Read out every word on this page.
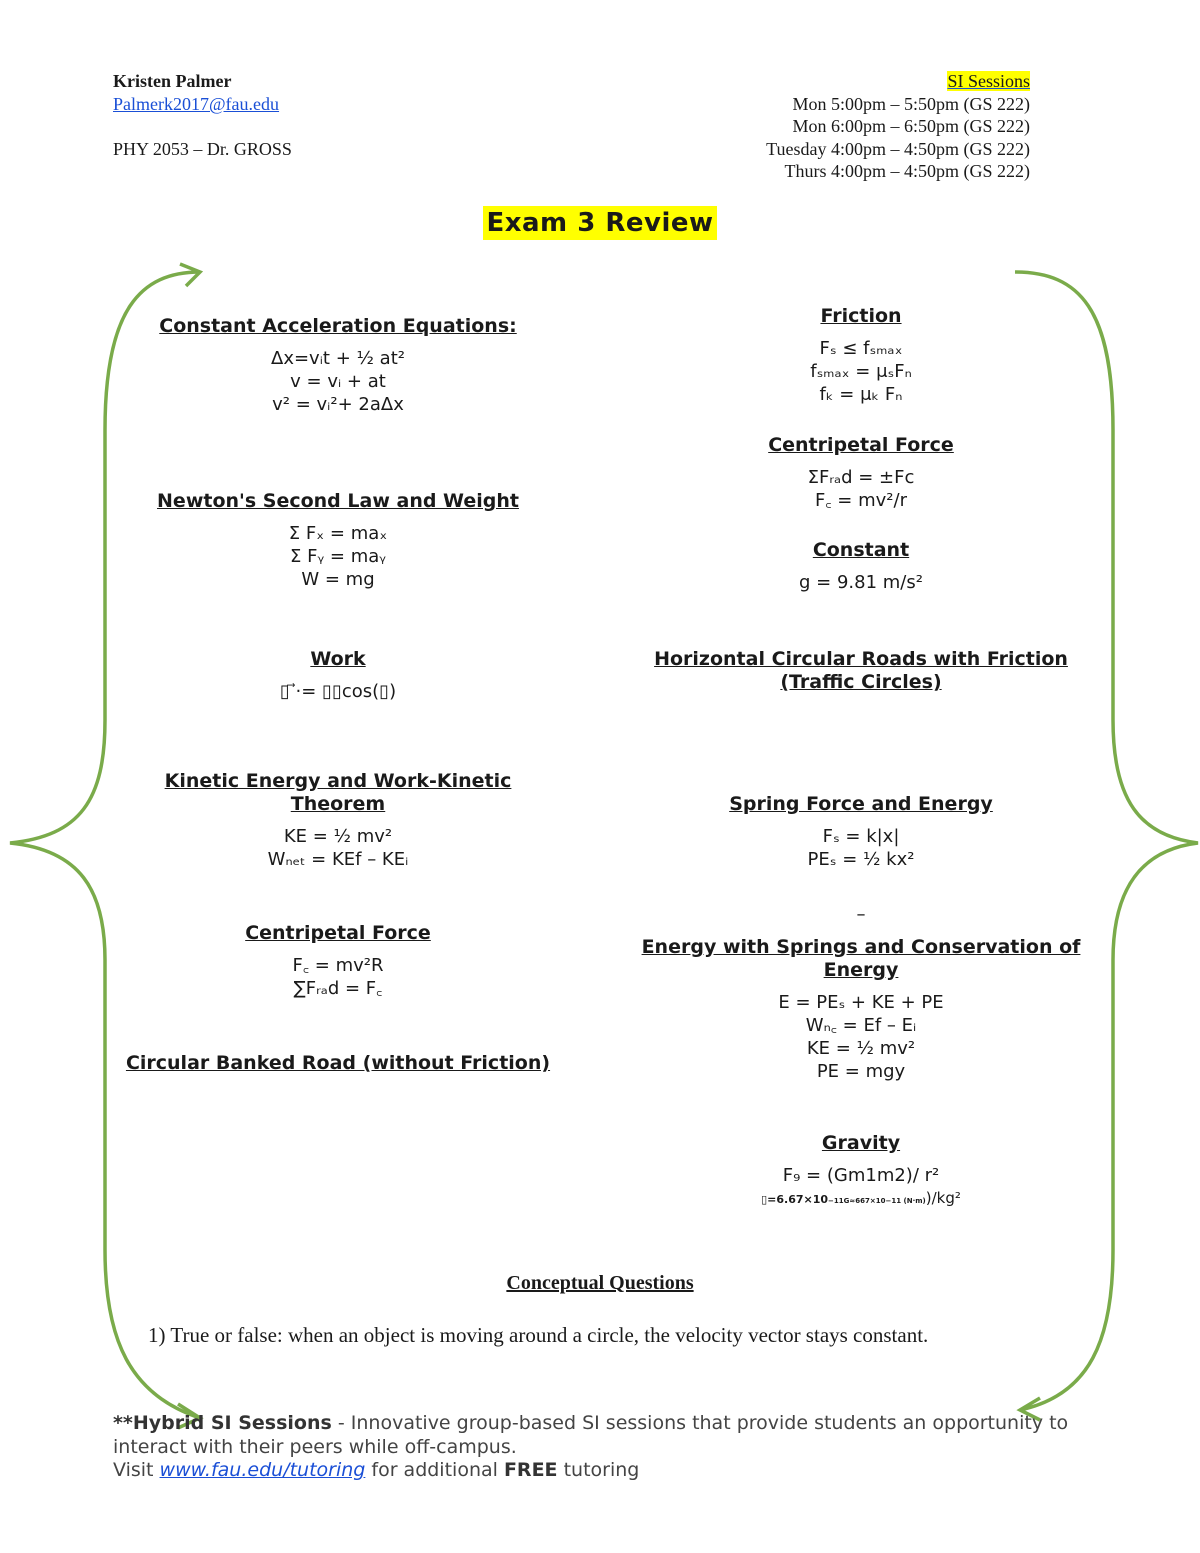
Kristen Palmer
Palmerk2017@fau.edu
PHY 2053 – Dr. GROSS
SI Sessions
Mon 5:00pm – 5:50pm (GS 222)
Mon 6:00pm – 6:50pm (GS 222)
Tuesday 4:00pm – 4:50pm (GS 222)
Thurs 4:00pm – 4:50pm (GS 222)
Exam 3 Review
Constant Acceleration Equations:
Δx=vᵢt + ½ at²
v = vᵢ + at
v² = vᵢ²+ 2aΔx
Newton's Second Law and Weight
Σ Fₓ = maₓ
Σ Fᵧ = maᵧ
W = mg
Work
▯ ⃗⋅= ▯▯cos(▯)
Kinetic Energy and Work-Kinetic Theorem
KE = ½ mv²
Wₙₑₜ = KEf – KEᵢ
Centripetal Force
F꜀ = mv²R
∑Fᵣₐd = F꜀
Circular Banked Road (without Friction)
Friction
Fₛ ≤ fₛₘₐₓ
fₛₘₐₓ = μₛFₙ
fₖ = μₖ Fₙ
Centripetal Force
ΣFᵣₐd = ±Fc
F꜀ = mv²/r
Constant
g = 9.81 m/s²
Horizontal Circular Roads with Friction (Traffic Circles)
Spring Force and Energy
Fₛ = k|x|
PEₛ = ½ kx²
–
Energy with Springs and Conservation of Energy
E = PEₛ + KE + PE
Wₙ꜀ = Ef – Eᵢ
KE = ½ mv²
PE = mgy
Gravity
F₉ = (Gm1m2)/ r²
▯=6.67×10−11G≈667×10−11 (N·m))/kg²
Conceptual Questions
1) True or false: when an object is moving around a circle, the velocity vector stays constant.
**Hybrid SI Sessions - Innovative group-based SI sessions that provide students an opportunity to interact with their peers while off-campus.
Visit www.fau.edu/tutoring for additional FREE tutoring
